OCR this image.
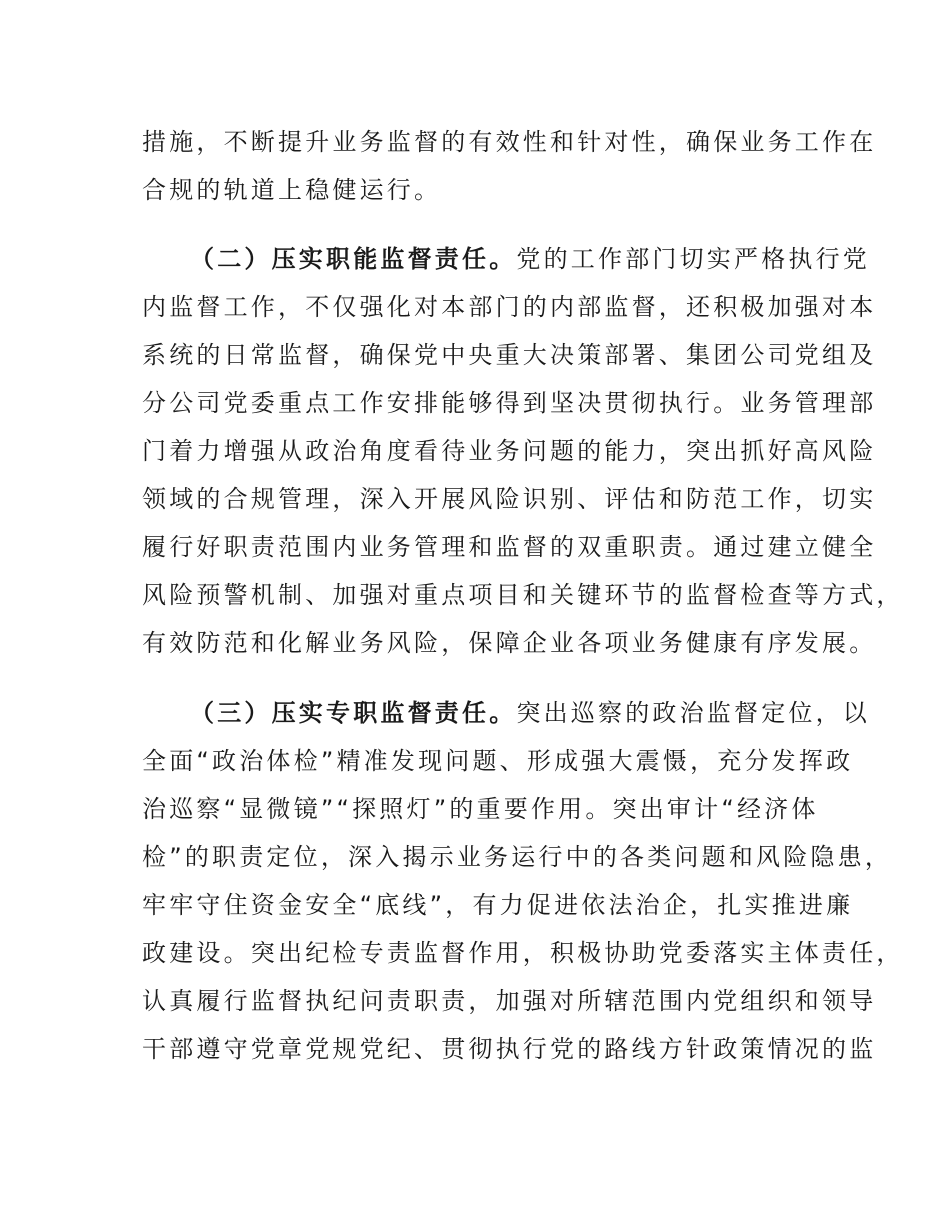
措施，不断提升业务监督的有效性和针对性，确保业务工作在
合规的轨道上稳健运行。
（二）压实职能监督责任。党的工作部门切实严格执行党
内监督工作，不仅强化对本部门的内部监督，还积极加强对本
系统的日常监督，确保党中央重大决策部署、集团公司党组及
分公司党委重点工作安排能够得到坚决贯彻执行。业务管理部
门着力增强从政治角度看待业务问题的能力，突出抓好高风险
领域的合规管理，深入开展风险识别、评估和防范工作，切实
履行好职责范围内业务管理和监督的双重职责。通过建立健全
风险预警机制、加强对重点项目和关键环节的监督检查等方式，
有效防范和化解业务风险，保障企业各项业务健康有序发展。
（三）压实专职监督责任。突出巡察的政治监督定位，以
全面“政治体检”精准发现问题、形成强大震慑，充分发挥政
治巡察“显微镜”“探照灯”的重要作用。突出审计“经济体
检”的职责定位，深入揭示业务运行中的各类问题和风险隐患，
牢牢守住资金安全“底线”，有力促进依法治企，扎实推进廉
政建设。突出纪检专责监督作用，积极协助党委落实主体责任，
认真履行监督执纪问责职责，加强对所辖范围内党组织和领导
干部遵守党章党规党纪、贯彻执行党的路线方针政策情况的监
